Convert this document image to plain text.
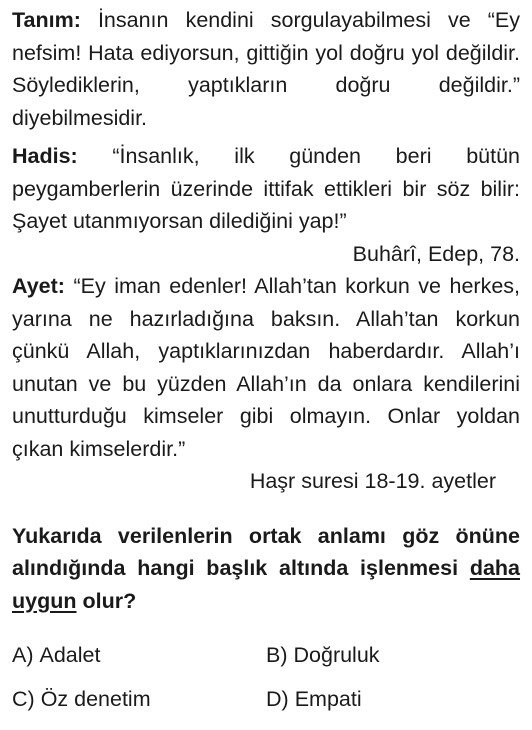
Tanım: İnsanın kendini sorgulayabilmesi ve “Ey nefsim! Hata ediyorsun, gittiğin yol doğru yol değildir. Söylediklerin, yaptıkların doğru değildir.” diyebilmesidir.

Hadis: “İnsanlık, ilk günden beri bütün peygamberlerin üzerinde ittifak ettikleri bir söz bilir: Şayet utanmıyorsan dilediğini yap!”

Buhârî, Edep, 78.

Ayet: “Ey iman edenler! Allah’tan korkun ve herkes, yarına ne hazırladığına baksın. Allah’tan korkun çünkü Allah, yaptıklarınızdan haberdardır. Allah’ı unutan ve bu yüzden Allah’ın da onlara kendilerini unutturduğu kimseler gibi olmayın. Onlar yoldan çıkan kimselerdir.”

Haşr suresi 18-19. ayetler

Yukarıda verilenlerin ortak anlamı göz önüne alındığında hangi başlık altında işlenmesi daha uygun olur?

A) Adalet	B) Doğruluk
C) Öz denetim	D) Empati
